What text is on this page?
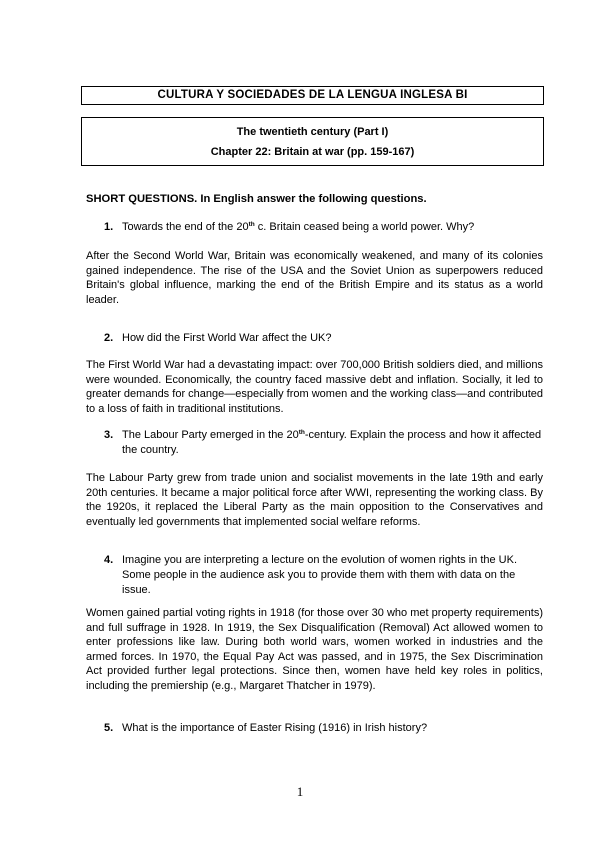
CULTURA Y SOCIEDADES DE LA LENGUA INGLESA BI
The twentieth century (Part I)
Chapter 22: Britain at war (pp. 159-167)
SHORT QUESTIONS. In English answer the following questions.
1. Towards the end of the 20th c. Britain ceased being a world power. Why?
After the Second World War, Britain was economically weakened, and many of its colonies gained independence. The rise of the USA and the Soviet Union as superpowers reduced Britain's global influence, marking the end of the British Empire and its status as a world leader.
2. How did the First World War affect the UK?
The First World War had a devastating impact: over 700,000 British soldiers died, and millions were wounded. Economically, the country faced massive debt and inflation. Socially, it led to greater demands for change—especially from women and the working class—and contributed to a loss of faith in traditional institutions.
3. The Labour Party emerged in the 20th-century. Explain the process and how it affected the country.
The Labour Party grew from trade union and socialist movements in the late 19th and early 20th centuries. It became a major political force after WWI, representing the working class. By the 1920s, it replaced the Liberal Party as the main opposition to the Conservatives and eventually led governments that implemented social welfare reforms.
4. Imagine you are interpreting a lecture on the evolution of women rights in the UK. Some people in the audience ask you to provide them with them with data on the issue.
Women gained partial voting rights in 1918 (for those over 30 who met property requirements) and full suffrage in 1928. In 1919, the Sex Disqualification (Removal) Act allowed women to enter professions like law. During both world wars, women worked in industries and the armed forces. In 1970, the Equal Pay Act was passed, and in 1975, the Sex Discrimination Act provided further legal protections. Since then, women have held key roles in politics, including the premiership (e.g., Margaret Thatcher in 1979).
5. What is the importance of Easter Rising (1916) in Irish history?
1
